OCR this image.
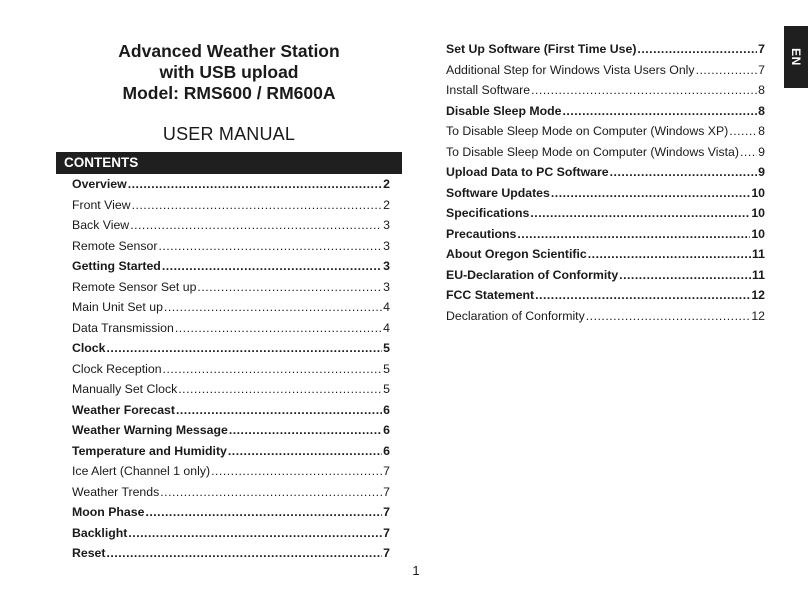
Advanced Weather Station
with USB upload
Model: RMS600 / RM600A
USER MANUAL
CONTENTS
Overview .....	2
Front View .....	2
Back View .....	3
Remote Sensor .....	3
Getting Started .....	3
Remote Sensor Set up .....	3
Main Unit Set up .....	4
Data Transmission .....	4
Clock .....	5
Clock Reception .....	5
Manually Set Clock .....	5
Weather Forecast .....	6
Weather Warning Message .....	6
Temperature and Humidity .....	6
Ice Alert (Channel 1 only) .....	7
Weather Trends .....	7
Moon Phase .....	7
Backlight .....	7
Reset .....	7
Set Up Software (First Time Use) .....	7
Additional Step for Windows Vista Users Only .....	7
Install Software .....	8
Disable Sleep Mode .....	8
To Disable Sleep Mode on Computer (Windows XP) ..... 8
To Disable Sleep Mode on Computer (Windows Vista) ..... 9
Upload Data to PC Software .....	9
Software Updates .....	10
Specifications .....	10
Precautions .....	10
About Oregon Scientific .....	11
EU-Declaration of Conformity .....	11
FCC Statement .....	12
Declaration of Conformity .....	12
EN
1
